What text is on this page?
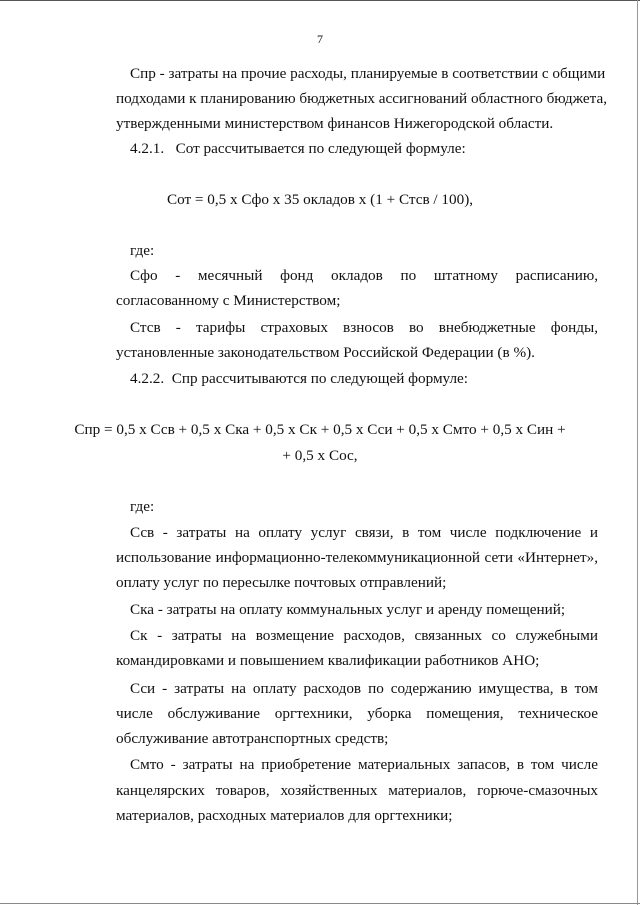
7
Спр - затраты на прочие расходы, планируемые в соответствии с общими
подходами к планированию бюджетных ассигнований областного бюджета,
утвержденными министерством финансов Нижегородской области.
4.2.1.   Сот рассчитывается по следующей формуле:
Сот = 0,5 х Сфо х 35 окладов х (1 + Стсв / 100),
где:
Сфо - месячный фонд окладов по штатному расписанию,
согласованному с Министерством;
Стсв - тарифы страховых взносов во внебюджетные фонды,
установленные законодательством Российской Федерации (в %).
4.2.2.  Спр рассчитываются по следующей формуле:
Спр = 0,5 х Ссв + 0,5 х Ска + 0,5 х Ск + 0,5 х Сси + 0,5 х Смто + 0,5 х Син +
+ 0,5 х Сос,
где:
Ссв - затраты на оплату услуг связи, в том числе подключение и
использование информационно-телекоммуникационной сети «Интернет»,
оплату услуг по пересылке почтовых отправлений;
Ска - затраты на оплату коммунальных услуг и аренду помещений;
Ск - затраты на возмещение расходов, связанных со служебными
командировками и повышением квалификации работников АНО;
Сси - затраты на оплату расходов по содержанию имущества, в том
числе обслуживание оргтехники, уборка помещения, техническое
обслуживание автотранспортных средств;
Смто - затраты на приобретение материальных запасов, в том числе
канцелярских товаров, хозяйственных материалов, горюче-смазочных
материалов, расходных материалов для оргтехники;
